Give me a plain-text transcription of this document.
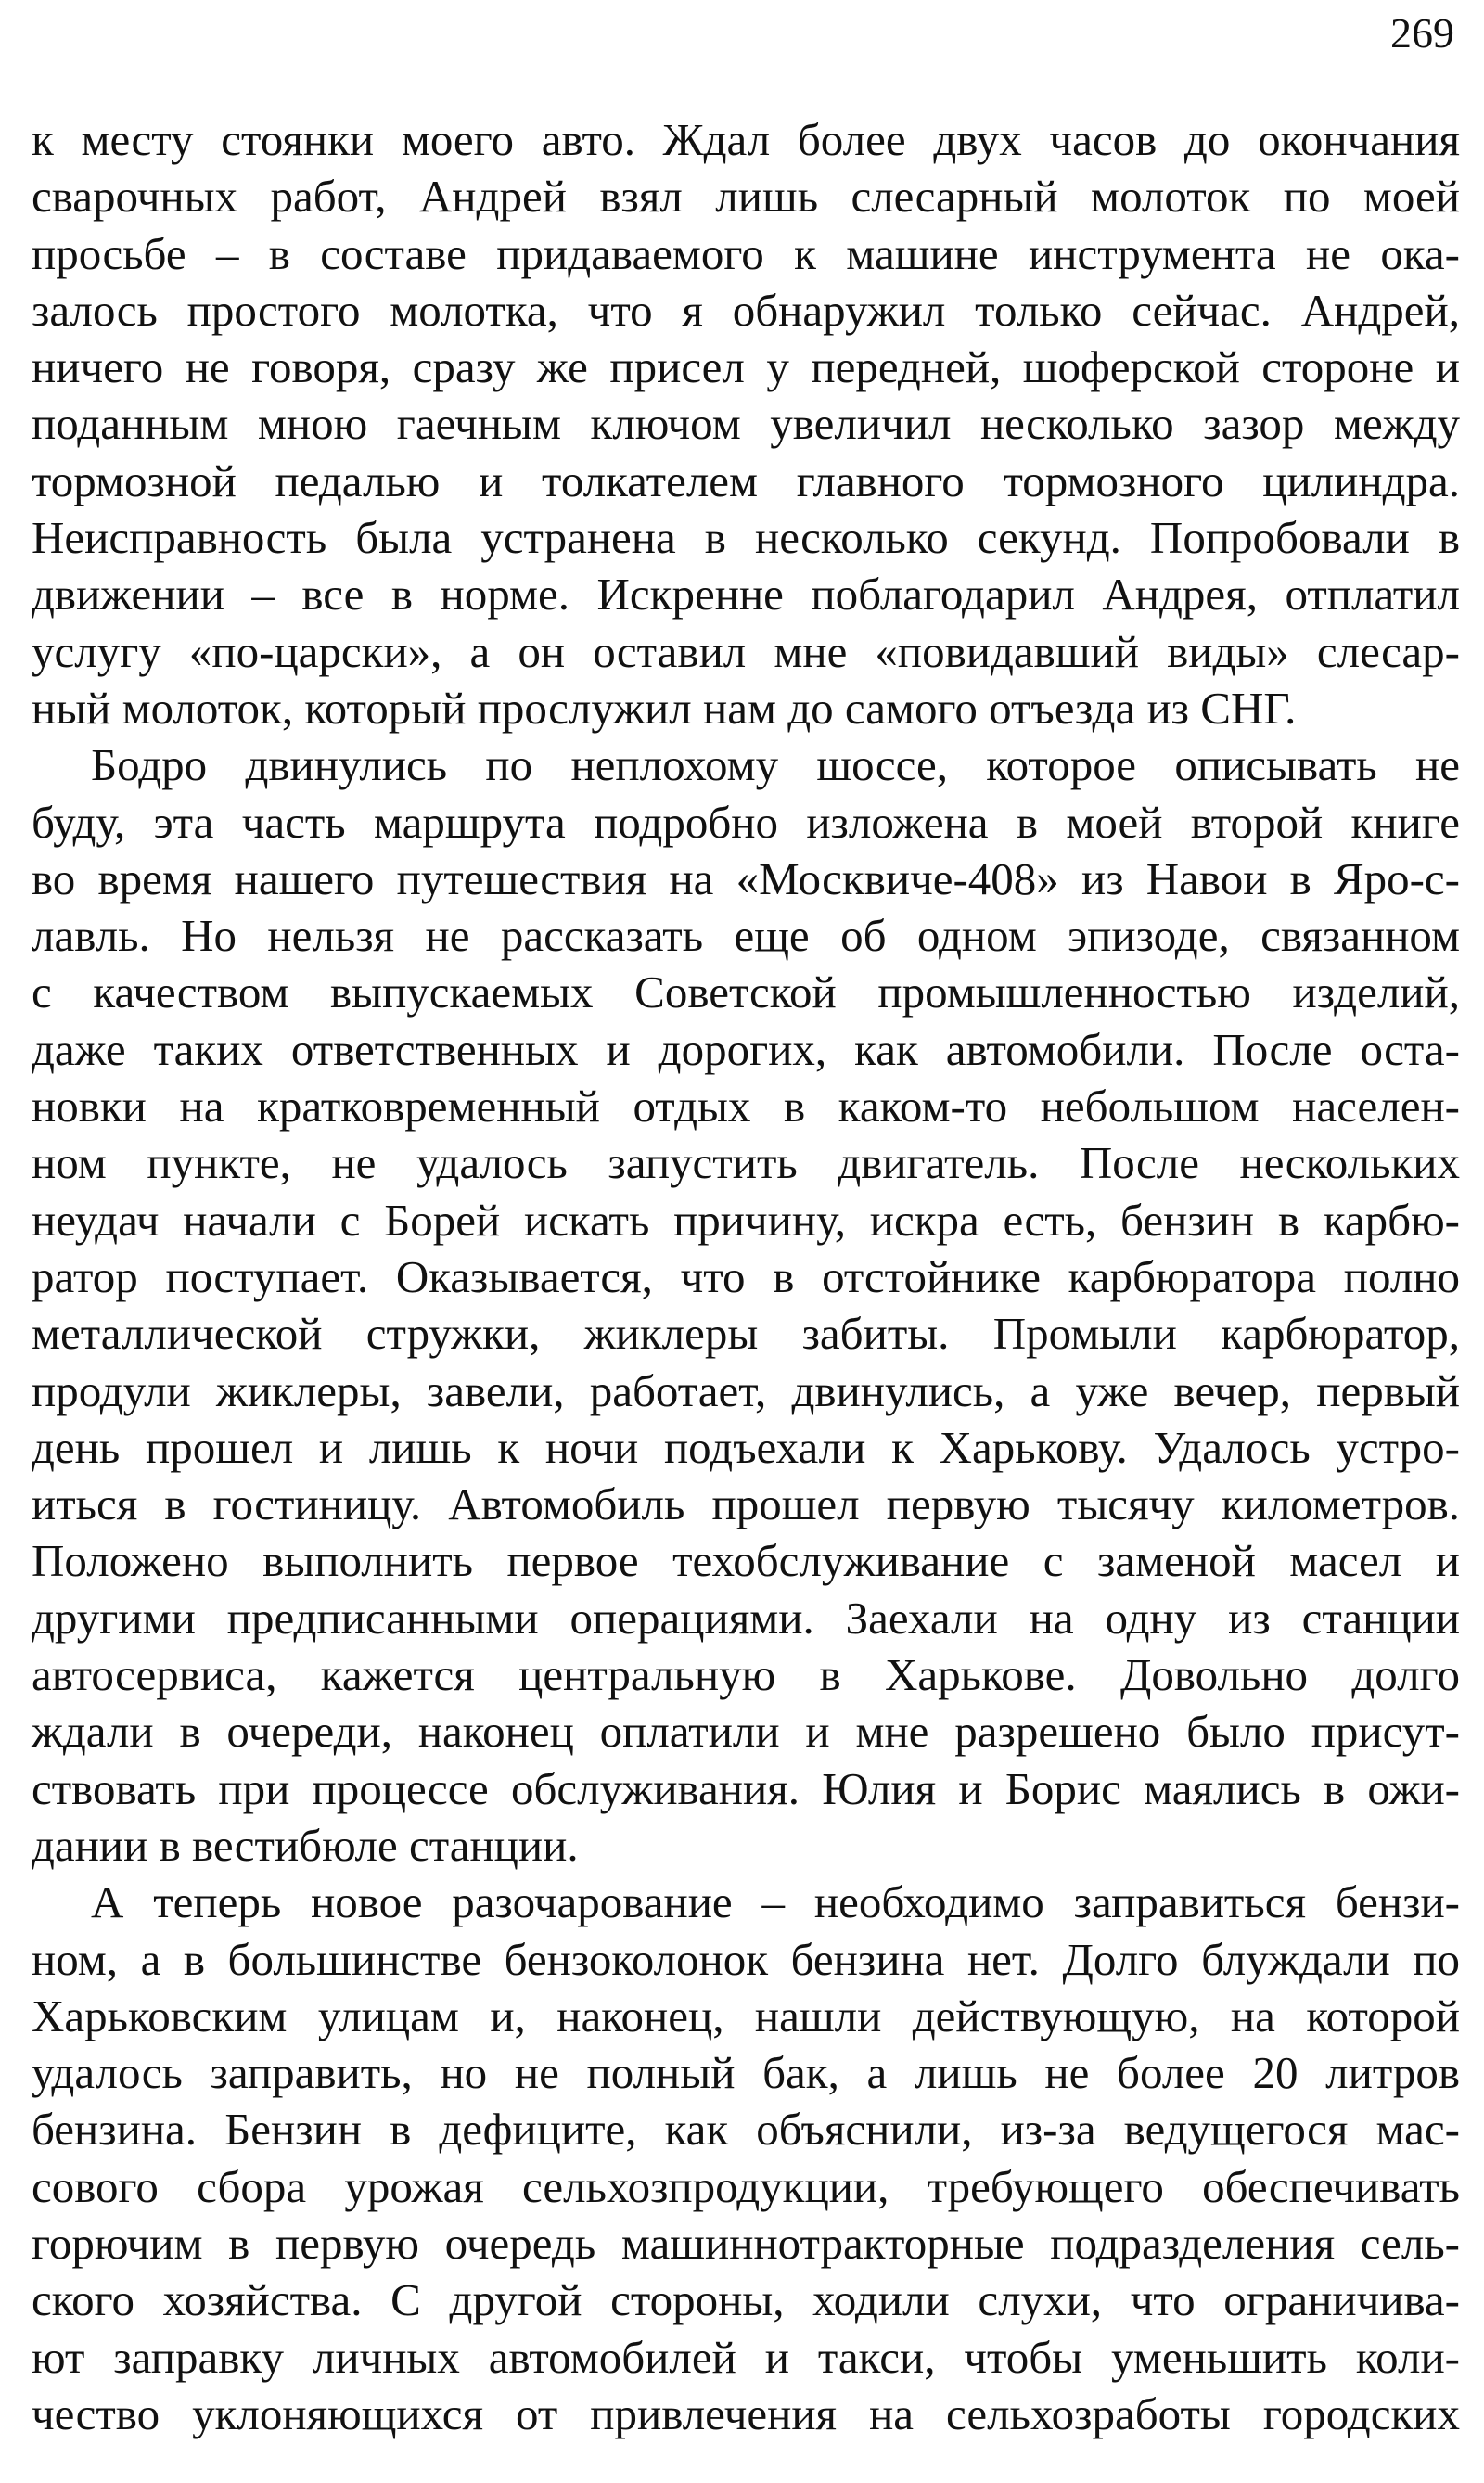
269
к месту стоянки моего авто. Ждал более двух часов до окончания
сварочных работ, Андрей взял лишь слесарный молоток по моей
просьбе – в составе придаваемого к машине инструмента не ока-
залось простого молотка, что я обнаружил только сейчас. Андрей,
ничего не говоря, сразу же присел у передней, шоферской стороне и
поданным мною гаечным ключом увеличил несколько зазор между
тормозной педалью и толкателем главного тормозного цилиндра.
Неисправность была устранена в несколько секунд. Попробовали в
движении – все в норме. Искренне поблагодарил Андрея, отплатил
услугу «по-царски», а он оставил мне «повидавший виды» слесар-
ный молоток, который прослужил нам до самого отъезда из СНГ.
Бодро двинулись по неплохому шоссе, которое описывать не
буду, эта часть маршрута подробно изложена в моей второй книге
во время нашего путешествия на «Москвиче-408» из Навои в Яро-с-
лавль. Но нельзя не рассказать еще об одном эпизоде, связанном
с качеством выпускаемых Советской промышленностью изделий,
даже таких ответственных и дорогих, как автомобили. После оста-
новки на кратковременный отдых в каком-то небольшом населен-
ном пункте, не удалось запустить двигатель. После нескольких
неудач начали с Борей искать причину, искра есть, бензин в карбю-
ратор поступает. Оказывается, что в отстойнике карбюратора полно
металлической стружки, жиклеры забиты. Промыли карбюратор,
продули жиклеры, завели, работает, двинулись, а уже вечер, первый
день прошел и лишь к ночи подъехали к Харькову. Удалось устро-
иться в гостиницу. Автомобиль прошел первую тысячу километров.
Положено выполнить первое техобслуживание с заменой масел и
другими предписанными операциями. Заехали на одну из станции
автосервиса, кажется центральную в Харькове. Довольно долго
ждали в очереди, наконец оплатили и мне разрешено было присут-
ствовать при процессе обслуживания. Юлия и Борис маялись в ожи-
дании в вестибюле станции.
А теперь новое разочарование – необходимо заправиться бензи-
ном, а в большинстве бензоколонок бензина нет. Долго блуждали по
Харьковским улицам и, наконец, нашли действующую, на которой
удалось заправить, но не полный бак, а лишь не более 20 литров
бензина. Бензин в дефиците, как объяснили, из-за ведущегося мас-
сового сбора урожая сельхозпродукции, требующего обеспечивать
горючим в первую очередь машиннотракторные подразделения сель-
ского хозяйства. С другой стороны, ходили слухи, что ограничива-
ют заправку личных автомобилей и такси, чтобы уменьшить коли-
чество уклоняющихся от привлечения на сельхозработы городских
